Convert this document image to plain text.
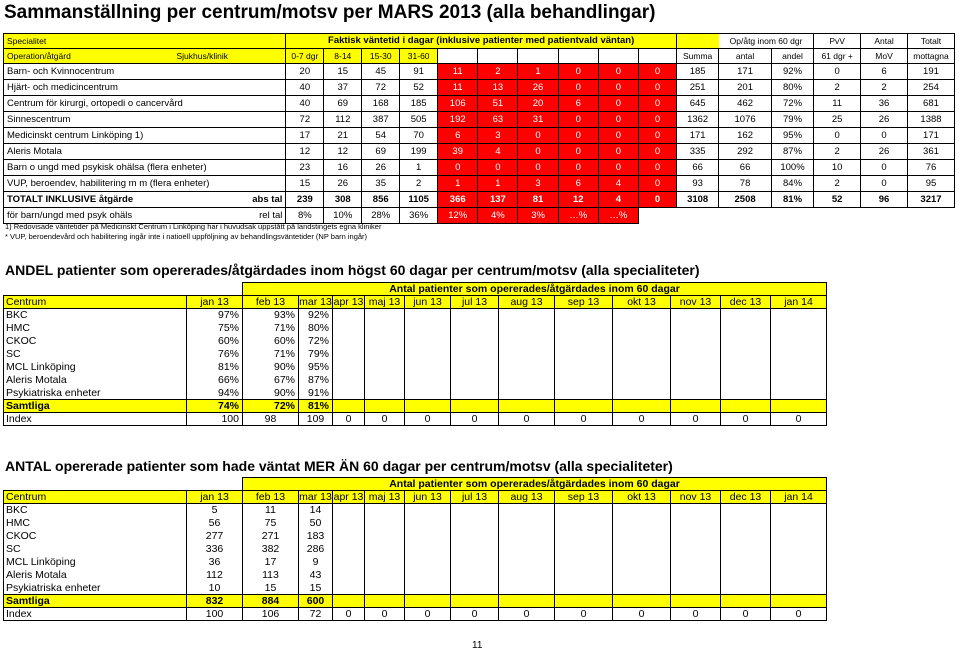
Sammanställning per centrum/motsv per MARS 2013 (alla behandlingar)
Specialitet		Faktisk väntetid i dagar (inklusive patienter med patientvald väntan)											Op/åtg inom 60 dgr		PvV	Antal	Totalt
Operation/åtgärd	Sjukhus/klinik	0-7 dgr	8-14	15-30	31-60	61-90	91-120	121-180	181-365	366-730	731 +	Summa	antal	andel	61 dgr +	MoV	mottagna
Barn- och Kvinnocentrum		20	15	45	91	11	2	1	0	0	0	185	171	92%	0	6	191
Hjärt- och medicincentrum		40	37	72	52	11	13	26	0	0	0	251	201	80%	2	2	254
Centrum för kirurgi, ortopedi o cancervård		40	69	168	185	106	51	20	6	0	0	645	462	72%	11	36	681
Sinnescentrum		72	112	387	505	192	63	31	0	0	0	1362	1076	79%	25	26	1388
Medicinskt centrum Linköping 1)		17	21	54	70	6	3	0	0	0	0	171	162	95%	0	0	171
Aleris Motala		12	12	69	199	39	4	0	0	0	0	335	292	87%	2	26	361
Barn o ungd med psykisk ohälsa (flera enheter)		23	16	26	1	0	0	0	0	0	0	66	66	100%	10	0	76
VUP, beroendev, habilitering m m (flera enheter)		15	26	35	2	1	1	3	6	4	0	93	78	84%	2	0	95
TOTALT INKLUSIVE åtgärde	abs tal	239	308	856	1105	366	137	81	12	4	0	3108	2508	81%	52	96	3217
för barn/ungd med psyk ohäls	rel tal	8%	10%	28%	36%	12%	4%	3%	…%	…%							
1) Redovisade väntetider på Medicinskt Centrum i Linköping har i huvudsak uppstått på landstingets egna kliniker
* VUP, beroendevård och habilitering ingår inte i natioell uppföljning av behandlingsväntetider (NP barn ingår)
ANDEL patienter som opererades/åtgärdades inom högst 60 dagar per centrum/motsv (alla specialiteter)
		Antal patienter som opererades/åtgärdades inom 60 dagar											
Centrum	jan 13	feb 13	mar 13	apr 13	maj 13	jun 13	jul 13	aug 13	sep 13	okt 13	nov 13	dec 13	jan 14
BKC	97%	93%	92%										
HMC	75%	71%	80%										
CKOC	60%	60%	72%										
SC	76%	71%	79%										
MCL Linköping	81%	90%	95%										
Aleris Motala	66%	67%	87%										
Psykiatriska enheter	94%	90%	91%										
Samtliga	74%	72%	81%										
Index	100	98	109	0	0	0	0	0	0	0	0	0	0
ANTAL opererade patienter som hade väntat MER ÄN 60 dagar per centrum/motsv (alla specialiteter)
		Antal patienter som opererades/åtgärdades inom 60 dagar											
Centrum	jan 13	feb 13	mar 13	apr 13	maj 13	jun 13	jul 13	aug 13	sep 13	okt 13	nov 13	dec 13	jan 14
BKC	5	11	14										
HMC	56	75	50										
CKOC	277	271	183										
SC	336	382	286										
MCL Linköping	36	17	9										
Aleris Motala	112	113	43										
Psykiatriska enheter	10	15	15										
Samtliga	832	884	600										
Index	100	106	72	0	0	0	0	0	0	0	0	0	0
11
